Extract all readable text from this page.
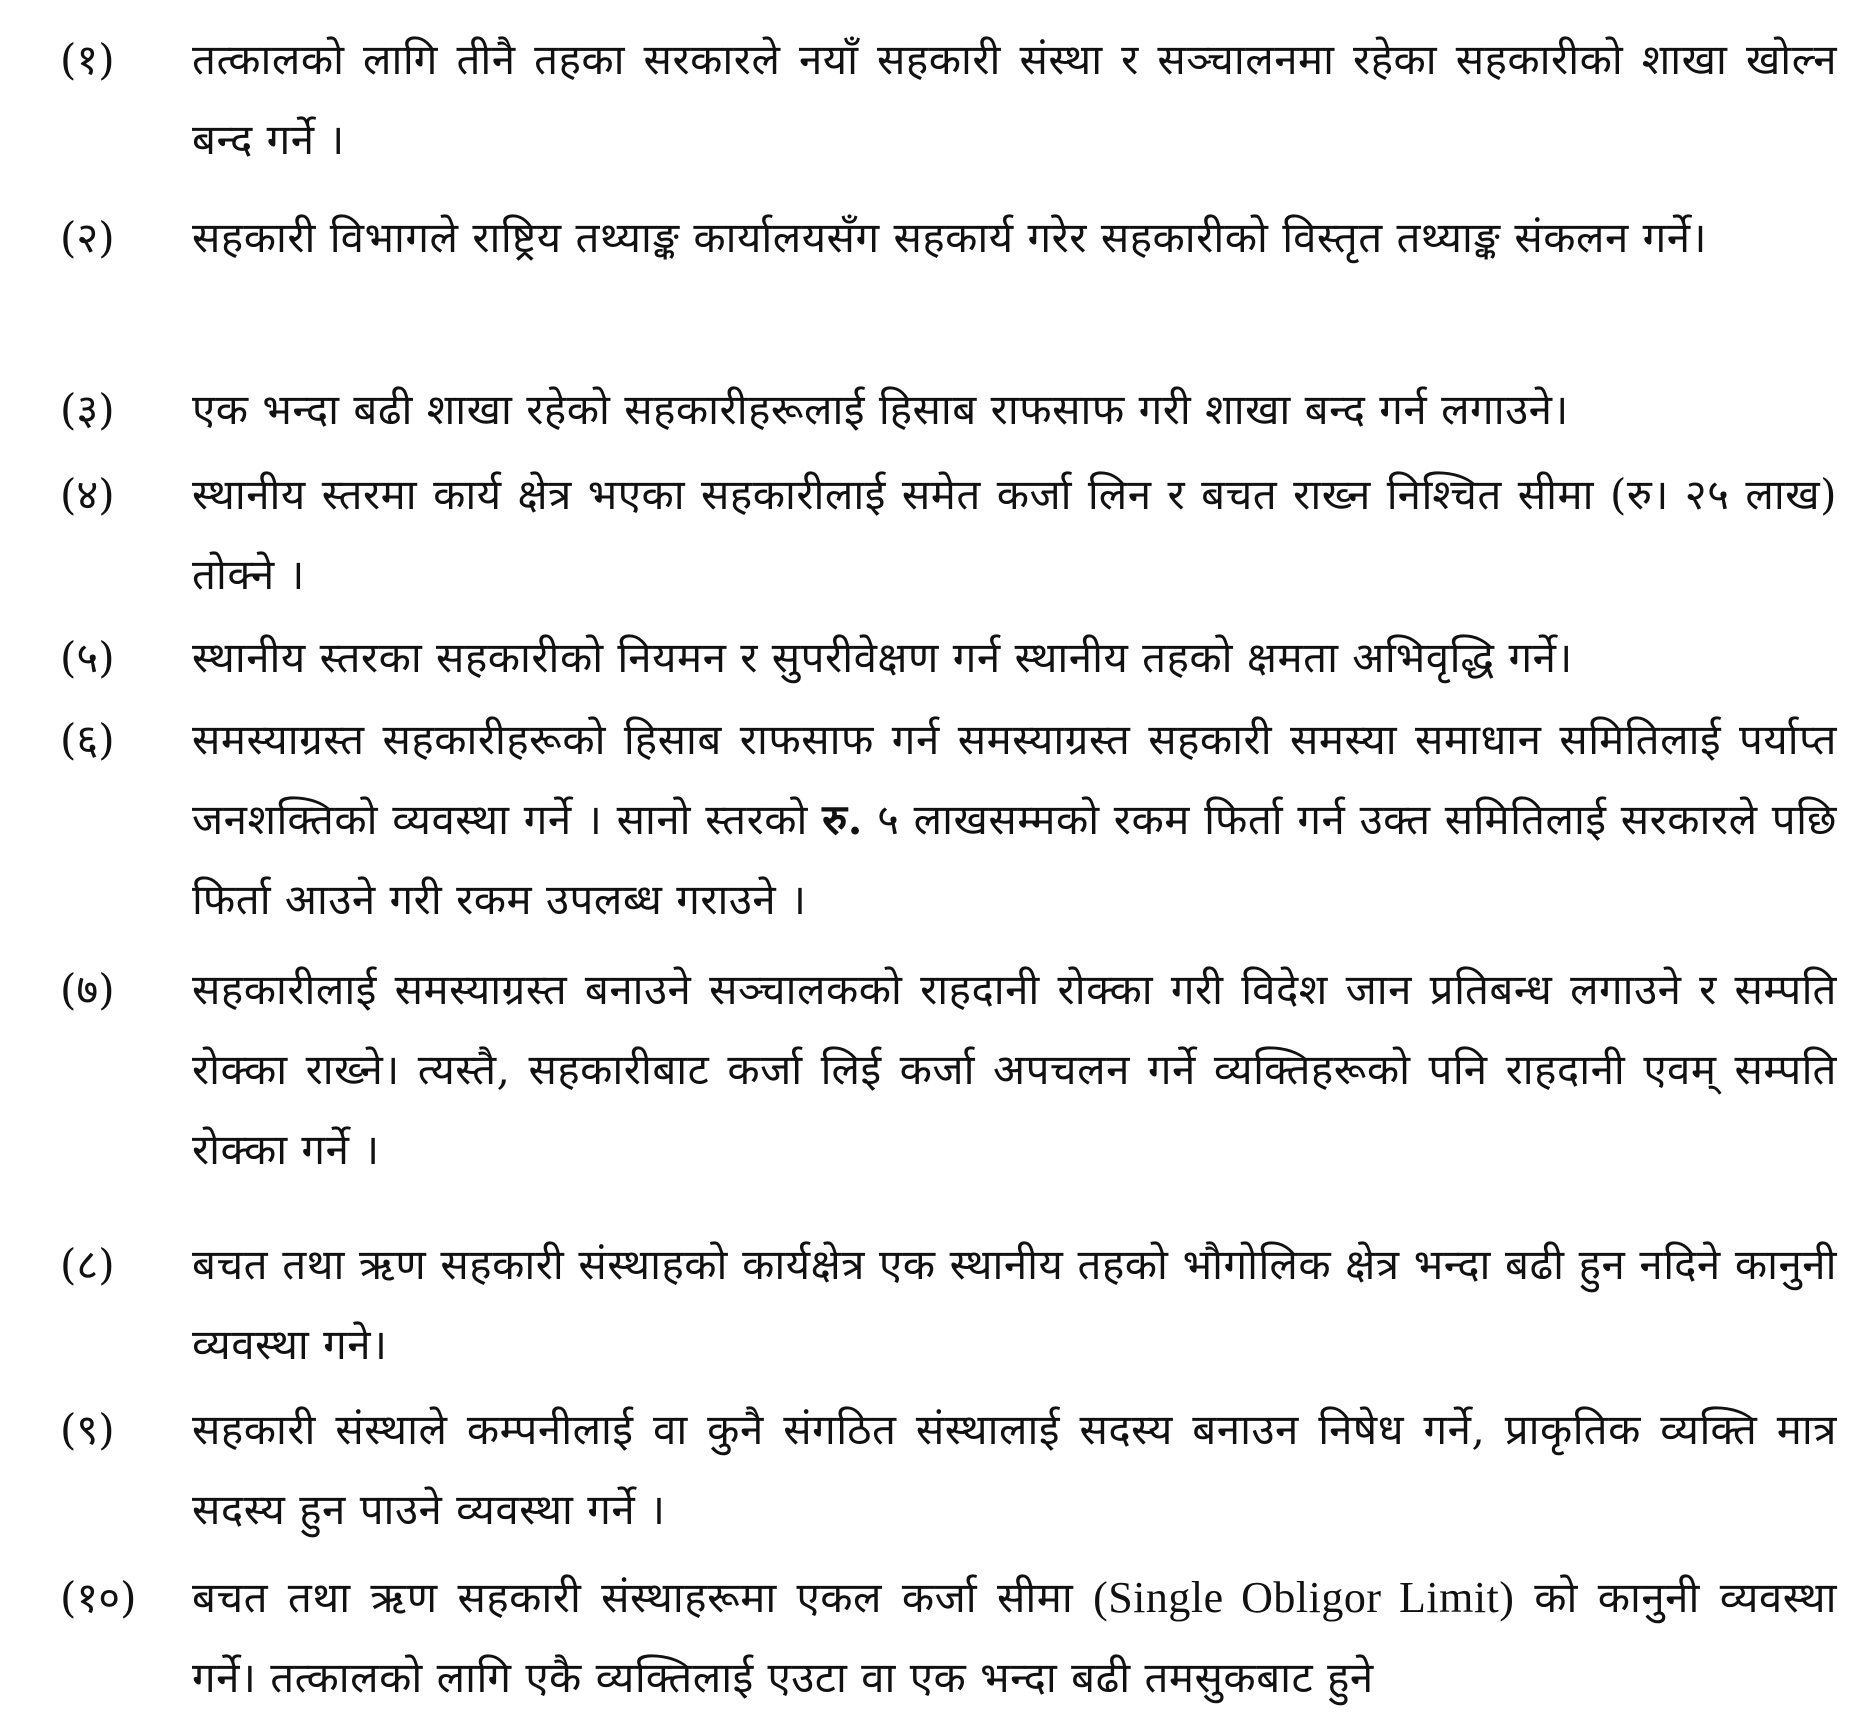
(१)	तत्कालको लागि तीनै तहका सरकारले नयाँ सहकारी संस्था र सञ्चालनमा रहेका सहकारीको शाखा खोल्न बन्द गर्ने ।
(२)	सहकारी विभागले राष्ट्रिय तथ्याङ्क कार्यालयसँग सहकार्य गरेर सहकारीको विस्तृत तथ्याङ्क संकलन गर्ने।
(३)	एक भन्दा बढी शाखा रहेको सहकारीहरूलाई हिसाब राफसाफ गरी शाखा बन्द गर्न लगाउने।
(४)	स्थानीय स्तरमा कार्य क्षेत्र भएका सहकारीलाई समेत कर्जा लिन र बचत राख्न निश्चित सीमा (रु। २५ लाख) तोक्ने ।
(५)	स्थानीय स्तरका सहकारीको नियमन र सुपरीवेक्षण गर्न स्थानीय तहको क्षमता अभिवृद्धि गर्ने।
(६)	समस्याग्रस्त सहकारीहरूको हिसाब राफसाफ गर्न समस्याग्रस्त सहकारी समस्या समाधान समितिलाई पर्याप्त जनशक्तिको व्यवस्था गर्ने । सानो स्तरको रु. ५ लाखसम्मको रकम फिर्ता गर्न उक्त समितिलाई सरकारले पछि फिर्ता आउने गरी रकम उपलब्ध गराउने ।
(७)	सहकारीलाई समस्याग्रस्त बनाउने सञ्चालकको राहदानी रोक्का गरी विदेश जान प्रतिबन्ध लगाउने र सम्पति रोक्का राख्ने। त्यस्तै, सहकारीबाट कर्जा लिई कर्जा अपचलन गर्ने व्यक्तिहरूको पनि राहदानी एवम् सम्पति रोक्का गर्ने ।
(८)	बचत तथा ऋण सहकारी संस्थाहको कार्यक्षेत्र एक स्थानीय तहको भौगोलिक क्षेत्र भन्दा बढी हुन नदिने कानुनी व्यवस्था गने।
(९)	सहकारी संस्थाले कम्पनीलाई वा कुनै संगठित संस्थालाई सदस्य बनाउन निषेध गर्ने, प्राकृतिक व्यक्ति मात्र सदस्य हुन पाउने व्यवस्था गर्ने ।
(१०)	बचत तथा ऋण सहकारी संस्थाहरूमा एकल कर्जा सीमा (Single Obligor Limit) को कानुनी व्यवस्था गर्ने। तत्कालको लागि एकै व्यक्तिलाई एउटा वा एक भन्दा बढी तमसुकबाट हुने
